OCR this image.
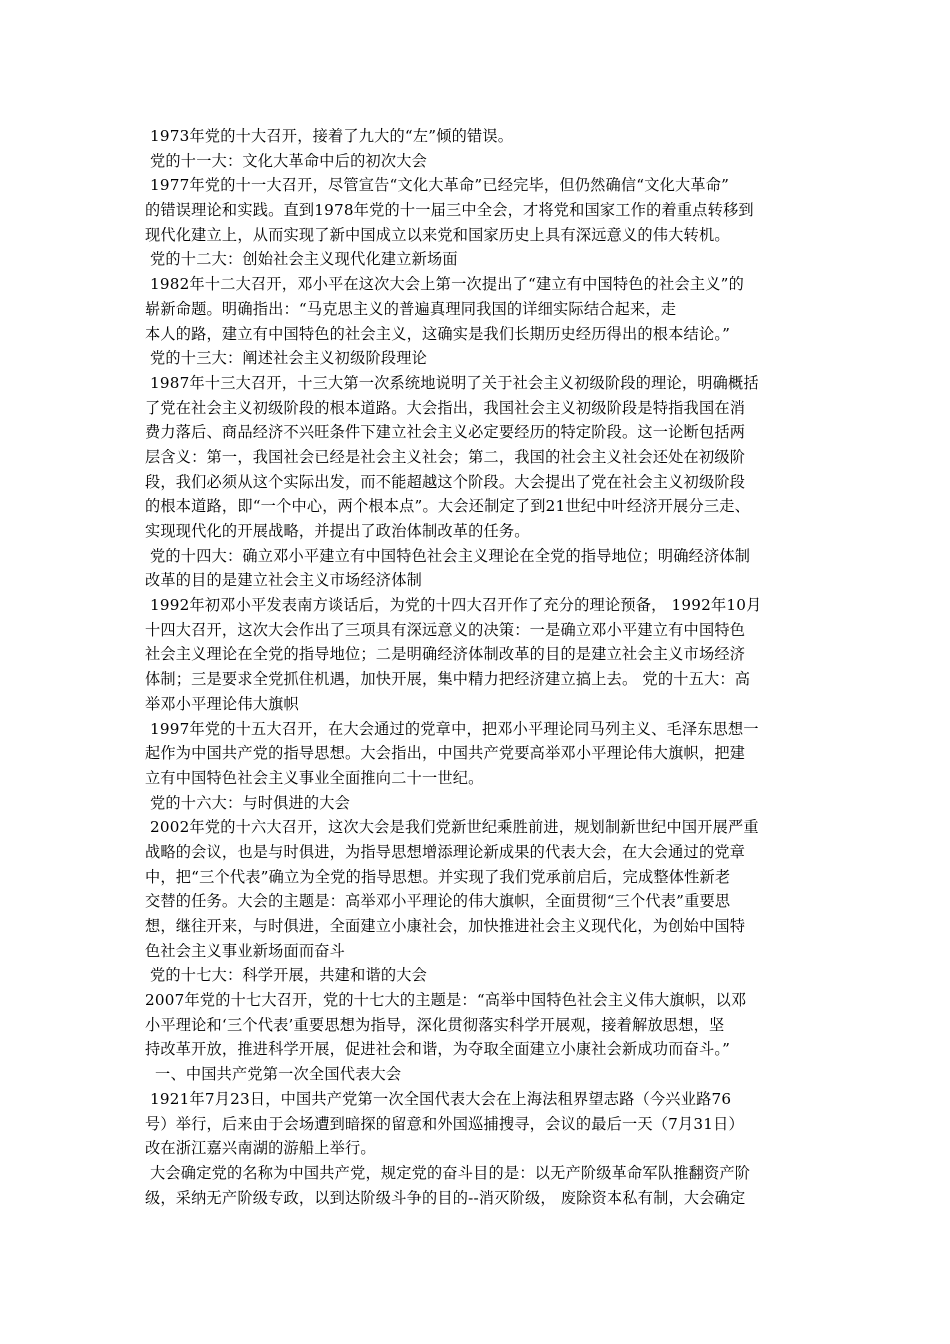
1973年党的十大召开，接着了九大的“左”倾的错误。
党的十一大：文化大革命中后的初次大会
1977年党的十一大召开，尽管宣告“文化大革命”已经完毕，但仍然确信“文化大革命”
的错误理论和实践。直到1978年党的十一届三中全会，才将党和国家工作的着重点转移到
现代化建立上，从而实现了新中国成立以来党和国家历史上具有深远意义的伟大转机。
党的十二大：创始社会主义现代化建立新场面
1982年十二大召开，邓小平在这次大会上第一次提出了“建立有中国特色的社会主义”的
崭新命题。明确指出：“马克思主义的普遍真理同我国的详细实际结合起来，走
本人的路，建立有中国特色的社会主义，这确实是我们长期历史经历得出的根本结论。”
党的十三大：阐述社会主义初级阶段理论
1987年十三大召开，十三大第一次系统地说明了关于社会主义初级阶段的理论，明确概括
了党在社会主义初级阶段的根本道路。大会指出，我国社会主义初级阶段是特指我国在消
费力落后、商品经济不兴旺条件下建立社会主义必定要经历的特定阶段。这一论断包括两
层含义：第一，我国社会已经是社会主义社会；第二，我国的社会主义社会还处在初级阶
段，我们必须从这个实际出发，而不能超越这个阶段。大会提出了党在社会主义初级阶段
的根本道路，即“一个中心，两个根本点”。大会还制定了到21世纪中叶经济开展分三走、
实现现代化的开展战略，并提出了政治体制改革的任务。
党的十四大：确立邓小平建立有中国特色社会主义理论在全党的指导地位；明确经济体制
改革的目的是建立社会主义市场经济体制
1992年初邓小平发表南方谈话后，为党的十四大召开作了充分的理论预备， 1992年10月
十四大召开，这次大会作出了三项具有深远意义的决策：一是确立邓小平建立有中国特色
社会主义理论在全党的指导地位；二是明确经济体制改革的目的是建立社会主义市场经济
体制；三是要求全党抓住机遇，加快开展，集中精力把经济建立搞上去。 党的十五大：高
举邓小平理论伟大旗帜
1997年党的十五大召开，在大会通过的党章中，把邓小平理论同马列主义、毛泽东思想一
起作为中国共产党的指导思想。大会指出，中国共产党要高举邓小平理论伟大旗帜，把建
立有中国特色社会主义事业全面推向二十一世纪。
党的十六大：与时俱进的大会
2002年党的十六大召开，这次大会是我们党新世纪乘胜前进，规划制新世纪中国开展严重
战略的会议，也是与时俱进，为指导思想增添理论新成果的代表大会，在大会通过的党章
中，把“三个代表”确立为全党的指导思想。并实现了我们党承前启后，完成整体性新老
交替的任务。大会的主题是：高举邓小平理论的伟大旗帜，全面贯彻“三个代表”重要思
想，继往开来，与时俱进，全面建立小康社会，加快推进社会主义现代化，为创始中国特
色社会主义事业新场面而奋斗
党的十七大：科学开展，共建和谐的大会
2007年党的十七大召开，党的十七大的主题是：“高举中国特色社会主义伟大旗帜，以邓
小平理论和‘三个代表’重要思想为指导，深化贯彻落实科学开展观，接着解放思想，坚
持改革开放，推进科学开展，促进社会和谐，为夺取全面建立小康社会新成功而奋斗。”
一、中国共产党第一次全国代表大会
1921年7月23日，中国共产党第一次全国代表大会在上海法租界望志路（今兴业路76
号）举行，后来由于会场遭到暗探的留意和外国巡捕搜寻，会议的最后一天（7月31日）
改在浙江嘉兴南湖的游船上举行。
大会确定党的名称为中国共产党，规定党的奋斗目的是：以无产阶级革命军队推翻资产阶
级，采纳无产阶级专政，以到达阶级斗争的目的--消灭阶级， 废除资本私有制，大会确定
